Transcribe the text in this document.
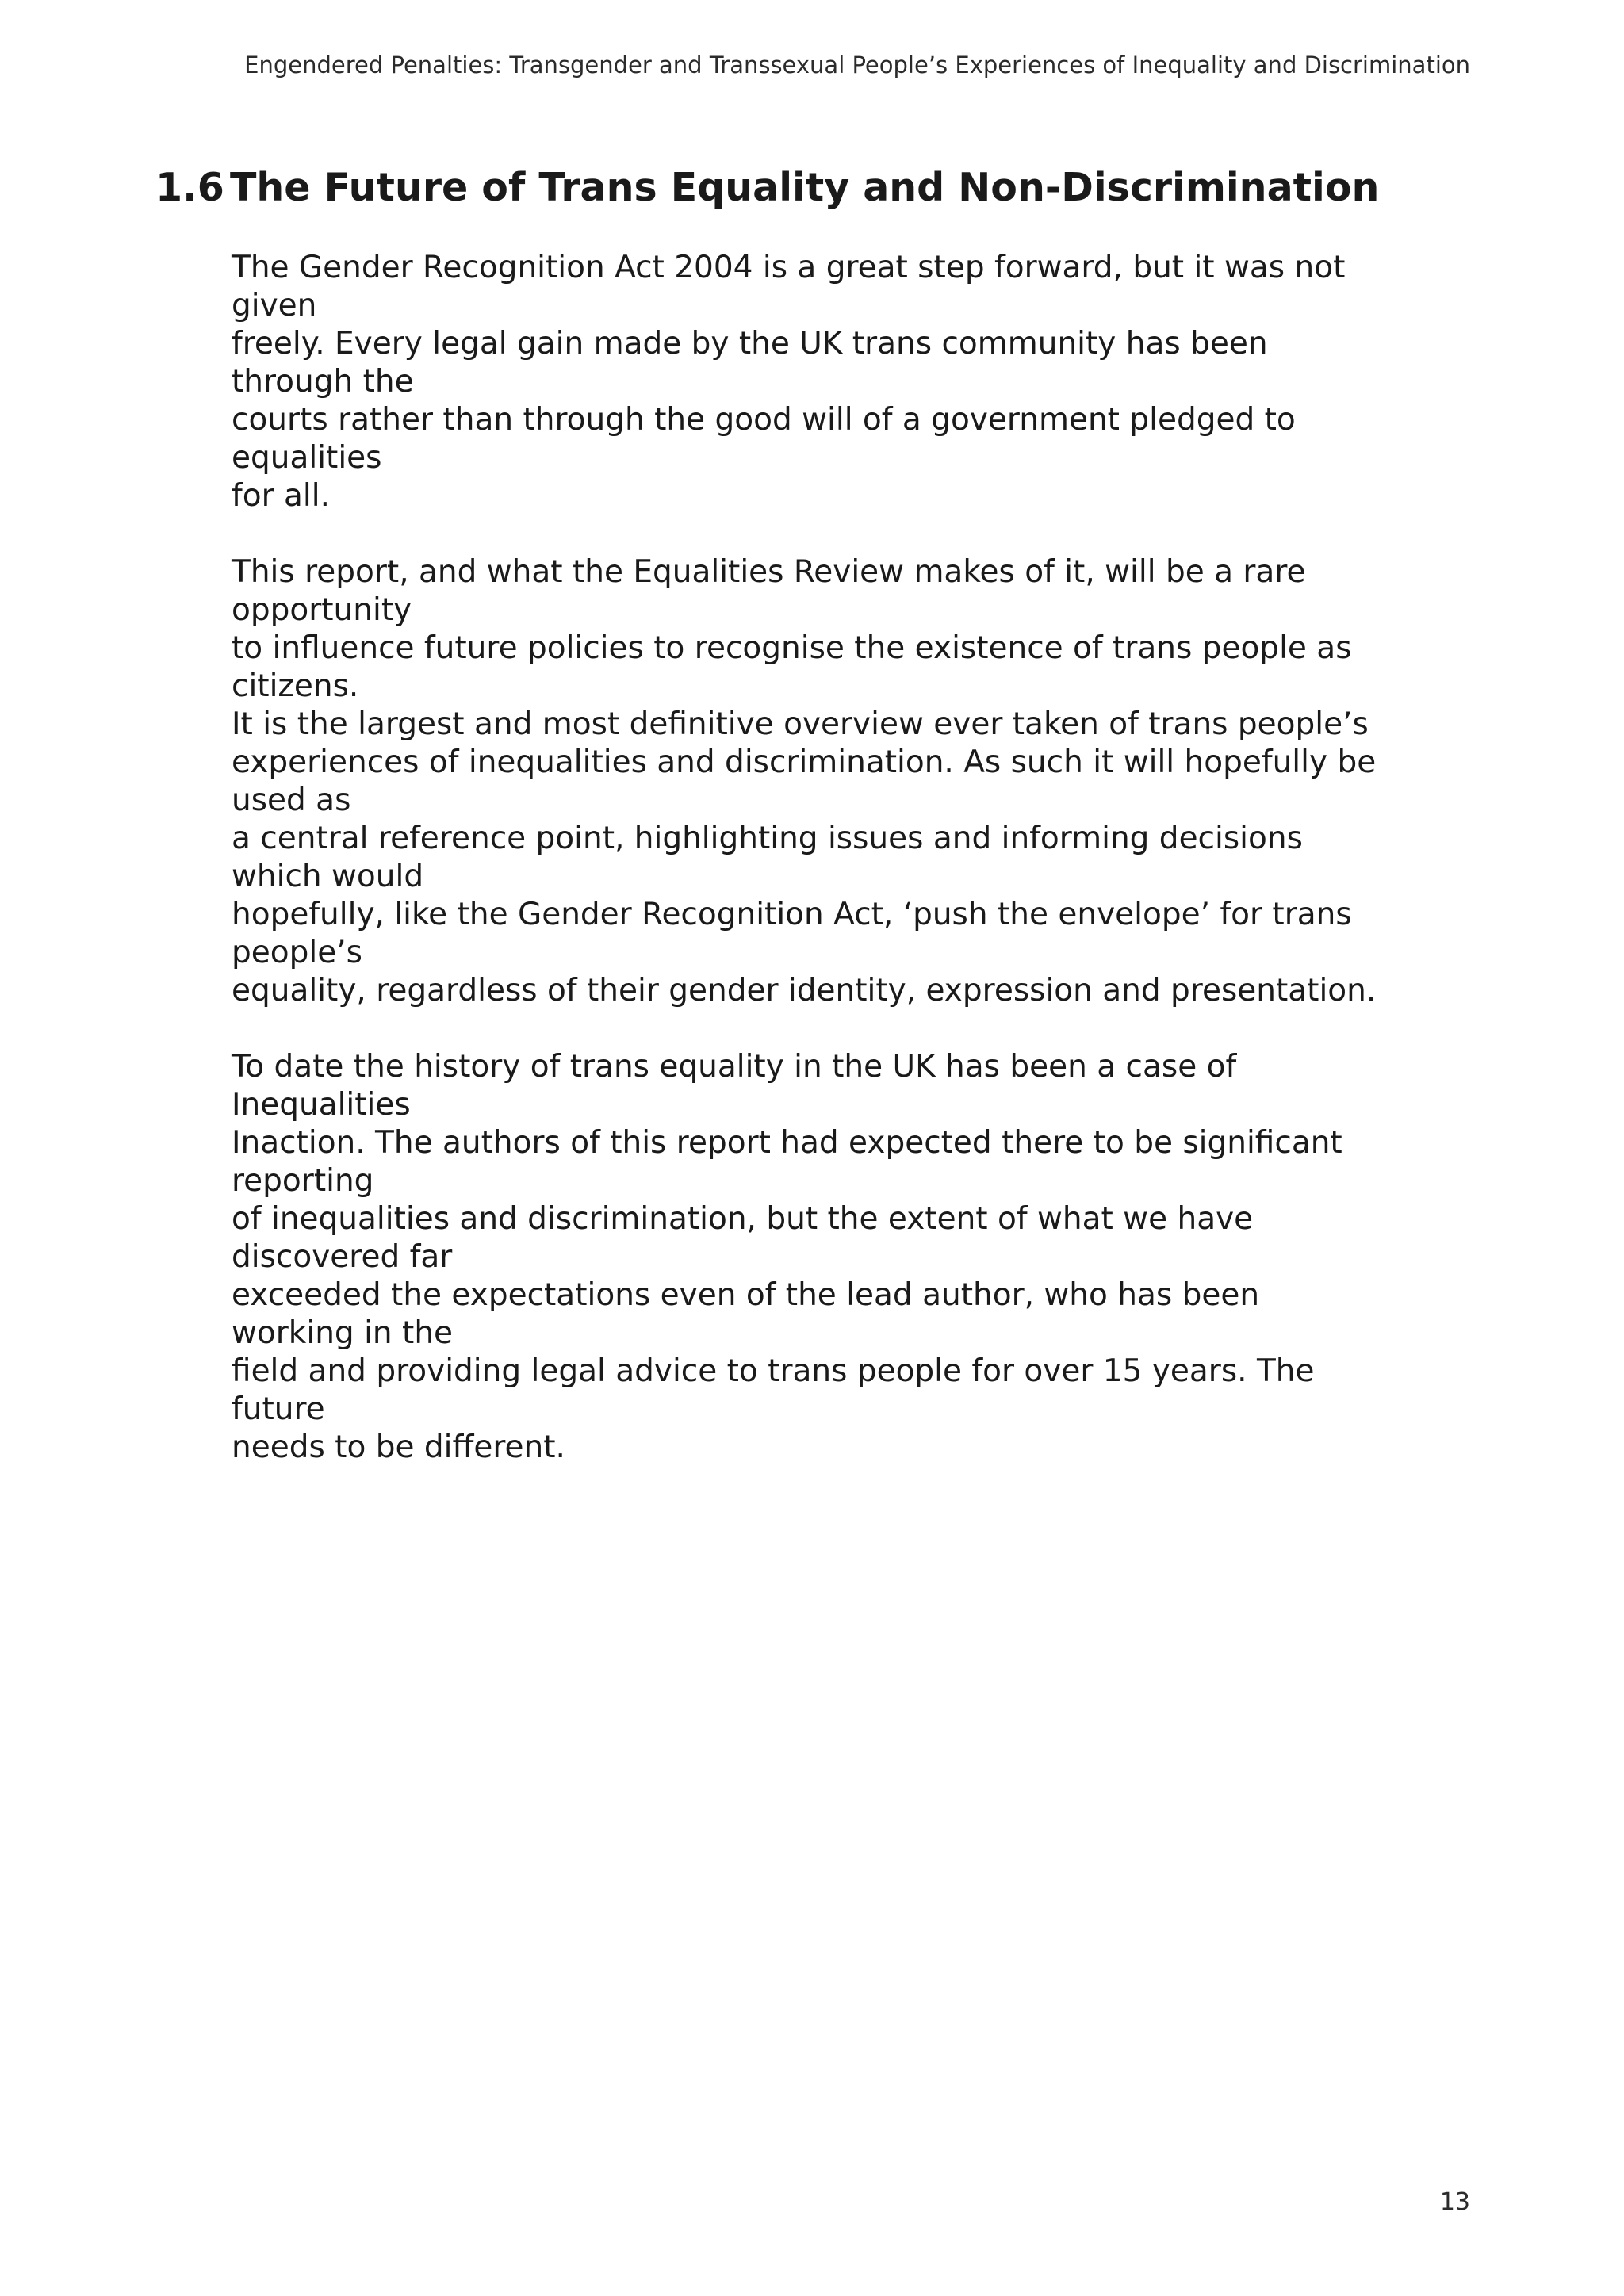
Engendered Penalties: Transgender and Transsexual People’s Experiences of Inequality and Discrimination
1.6 The Future of Trans Equality and Non-Discrimination

The Gender Recognition Act 2004 is a great step forward, but it was not given
freely. Every legal gain made by the UK trans community has been through the
courts rather than through the good will of a government pledged to equalities
for all.

This report, and what the Equalities Review makes of it, will be a rare opportunity
to influence future policies to recognise the existence of trans people as citizens.
It is the largest and most definitive overview ever taken of trans people’s
experiences of inequalities and discrimination. As such it will hopefully be used as
a central reference point, highlighting issues and informing decisions which would
hopefully, like the Gender Recognition Act, ‘push the envelope’ for trans people’s
equality, regardless of their gender identity, expression and presentation.

To date the history of trans equality in the UK has been a case of Inequalities
Inaction. The authors of this report had expected there to be significant reporting
of inequalities and discrimination, but the extent of what we have discovered far
exceeded the expectations even of the lead author, who has been working in the
field and providing legal advice to trans people for over 15 years. The future
needs to be different.

13
